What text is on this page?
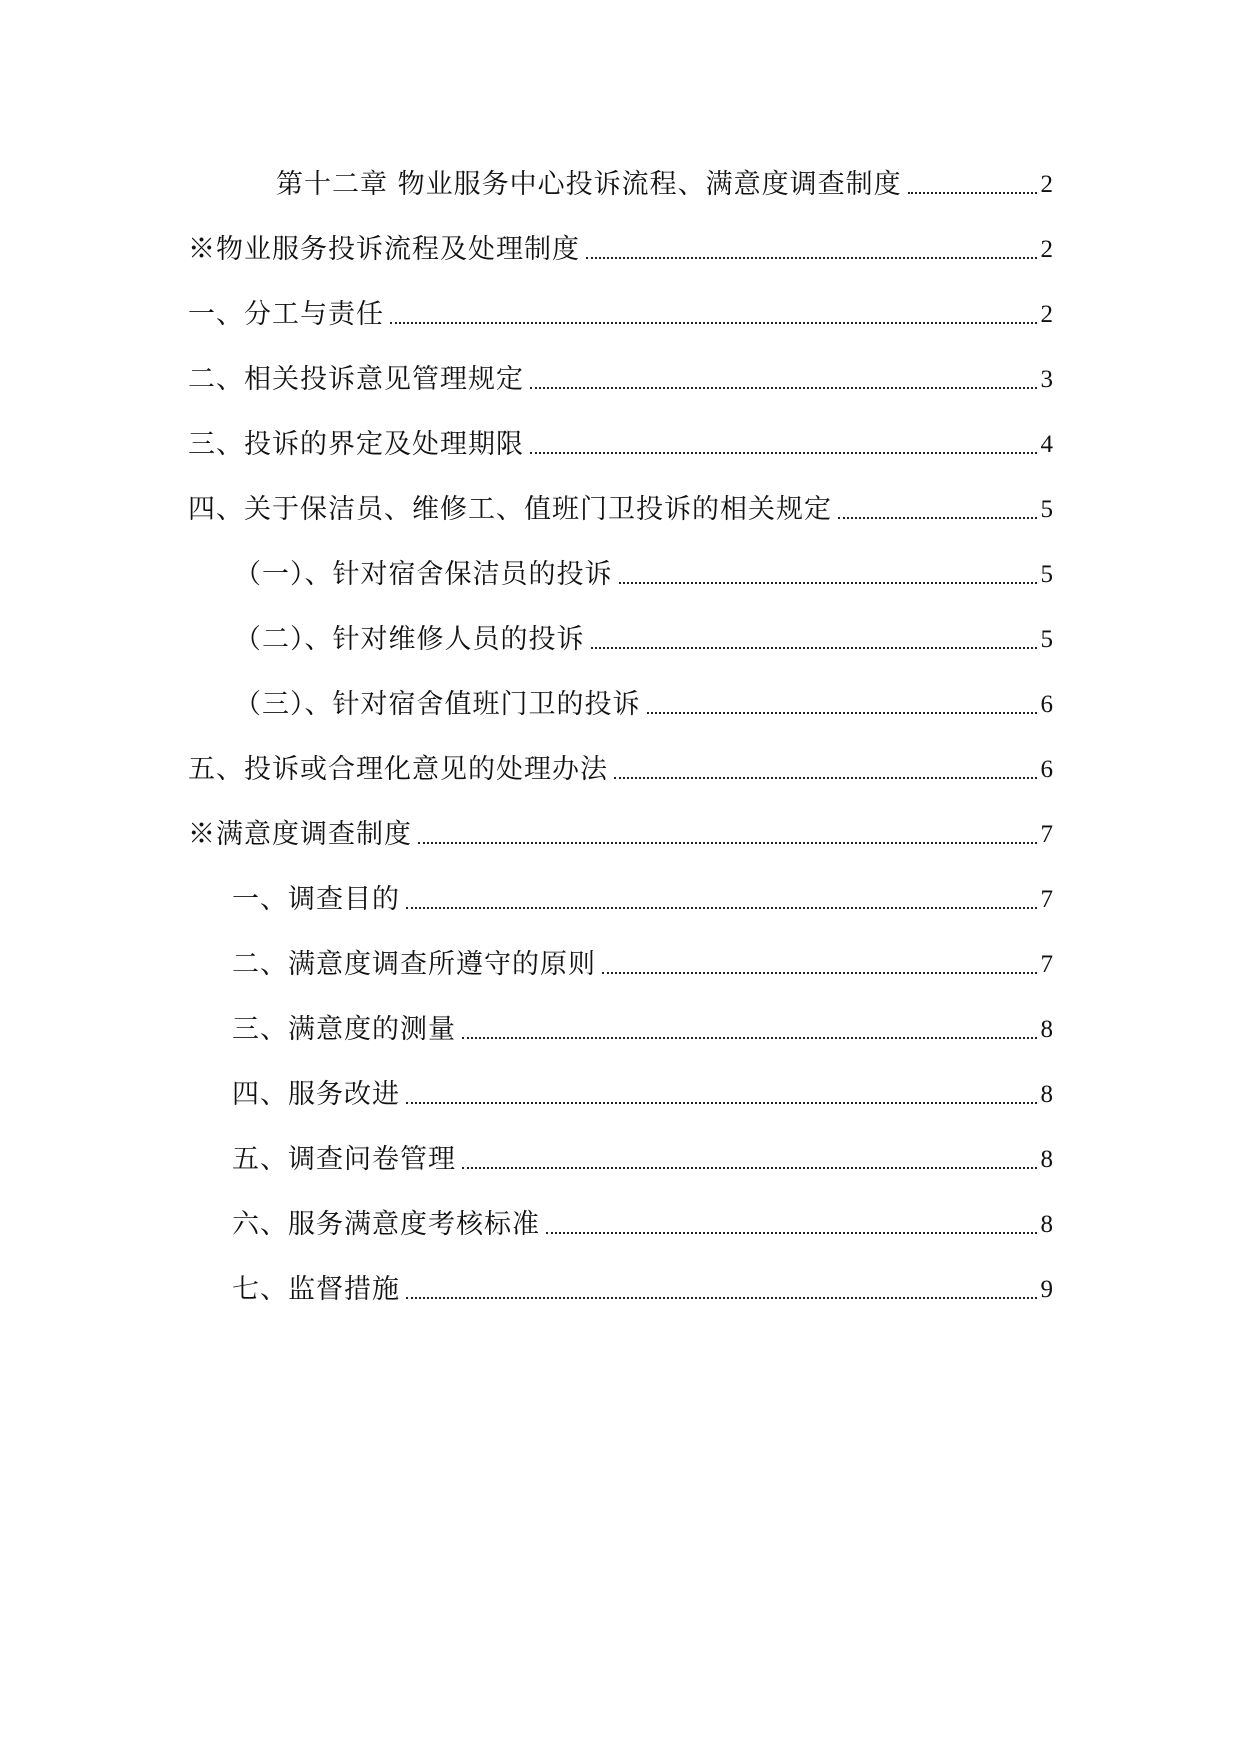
第十二章 物业服务中心投诉流程、满意度调查制度	2
※物业服务投诉流程及处理制度	2
一、分工与责任	2
二、相关投诉意见管理规定	3
三、投诉的界定及处理期限	4
四、关于保洁员、维修工、值班门卫投诉的相关规定	5
（一）、针对宿舍保洁员的投诉	5
（二）、针对维修人员的投诉	5
（三）、针对宿舍值班门卫的投诉	6
五、投诉或合理化意见的处理办法	6
※满意度调查制度	7
一、调查目的	7
二、满意度调查所遵守的原则	7
三、满意度的测量	8
四、服务改进	8
五、调查问卷管理	8
六、服务满意度考核标准	8
七、监督措施	9
